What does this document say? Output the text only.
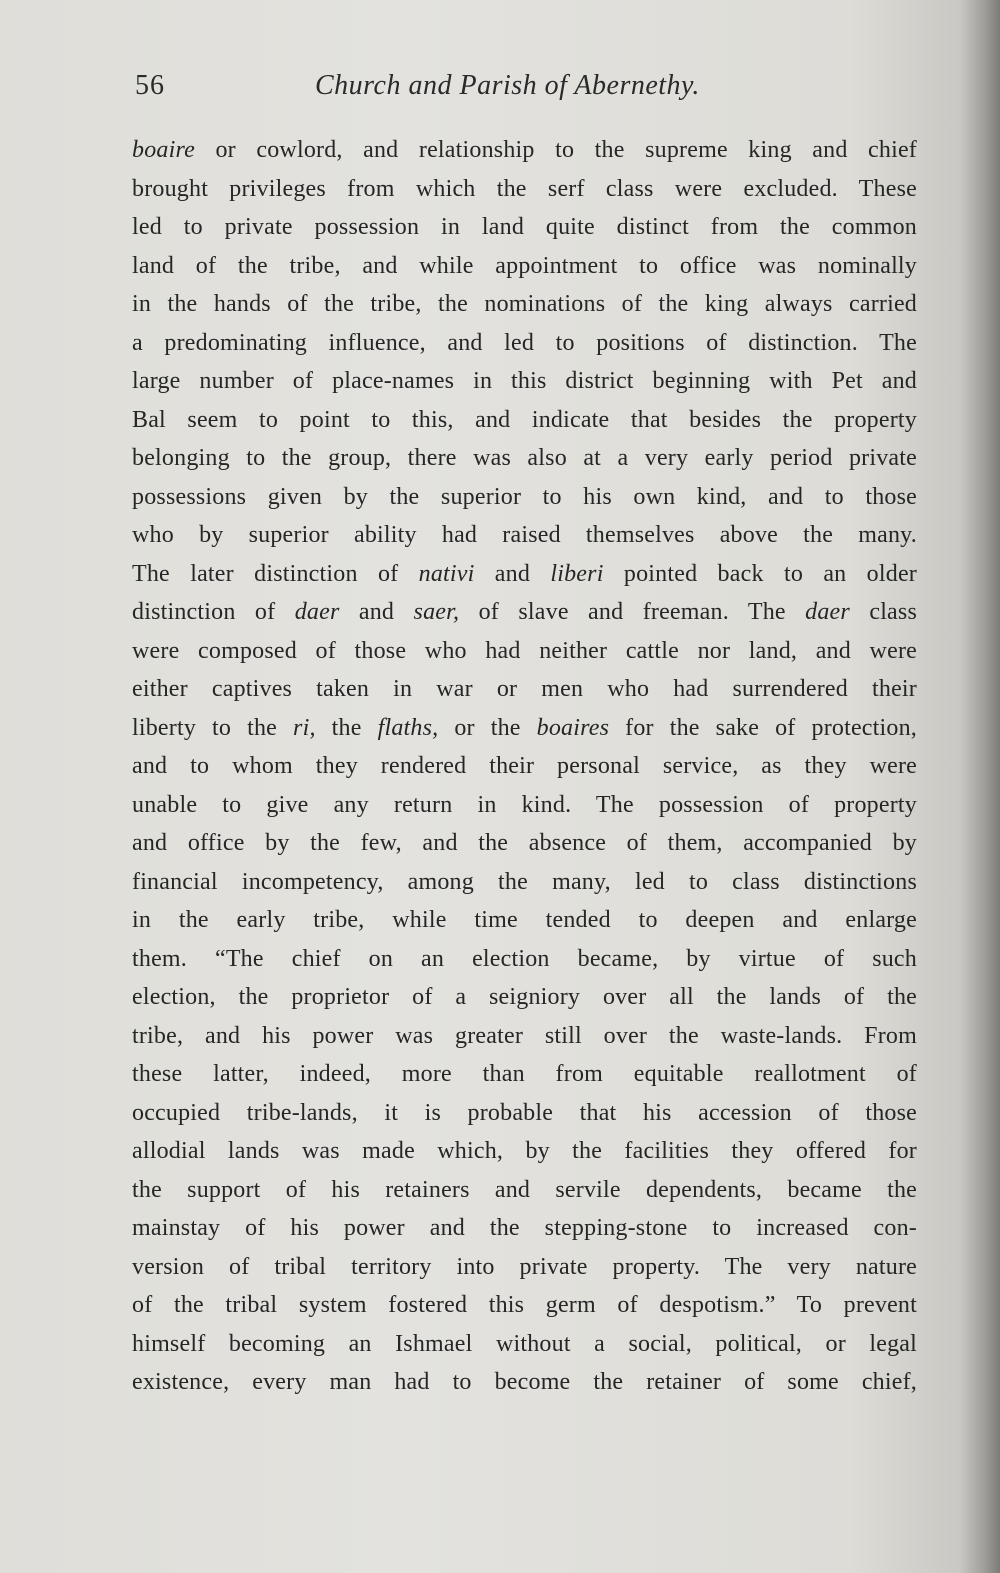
56	Church and Parish of Abernethy.
boaire or cowlord, and relationship to the supreme king and chief
brought privileges from which the serf class were excluded. These
led to private possession in land quite distinct from the common
land of the tribe, and while appointment to office was nominally
in the hands of the tribe, the nominations of the king always carried
a predominating influence, and led to positions of distinction. The
large number of place-names in this district beginning with Pet and
Bal seem to point to this, and indicate that besides the property
belonging to the group, there was also at a very early period private
possessions given by the superior to his own kind, and to those
who by superior ability had raised themselves above the many.
The later distinction of nativi and liberi pointed back to an older
distinction of daer and saer, of slave and freeman. The daer class
were composed of those who had neither cattle nor land, and were
either captives taken in war or men who had surrendered their
liberty to the ri, the flaths, or the boaires for the sake of protection,
and to whom they rendered their personal service, as they were
unable to give any return in kind. The possession of property
and office by the few, and the absence of them, accompanied by
financial incompetency, among the many, led to class distinctions
in the early tribe, while time tended to deepen and enlarge
them. “The chief on an election became, by virtue of such
election, the proprietor of a seigniory over all the lands of the
tribe, and his power was greater still over the waste-lands. From
these latter, indeed, more than from equitable reallotment of
occupied tribe-lands, it is probable that his accession of those
allodial lands was made which, by the facilities they offered for
the support of his retainers and servile dependents, became the
mainstay of his power and the stepping-stone to increased con-
version of tribal territory into private property. The very nature
of the tribal system fostered this germ of despotism.” To prevent
himself becoming an Ishmael without a social, political, or legal
existence, every man had to become the retainer of some chief,
